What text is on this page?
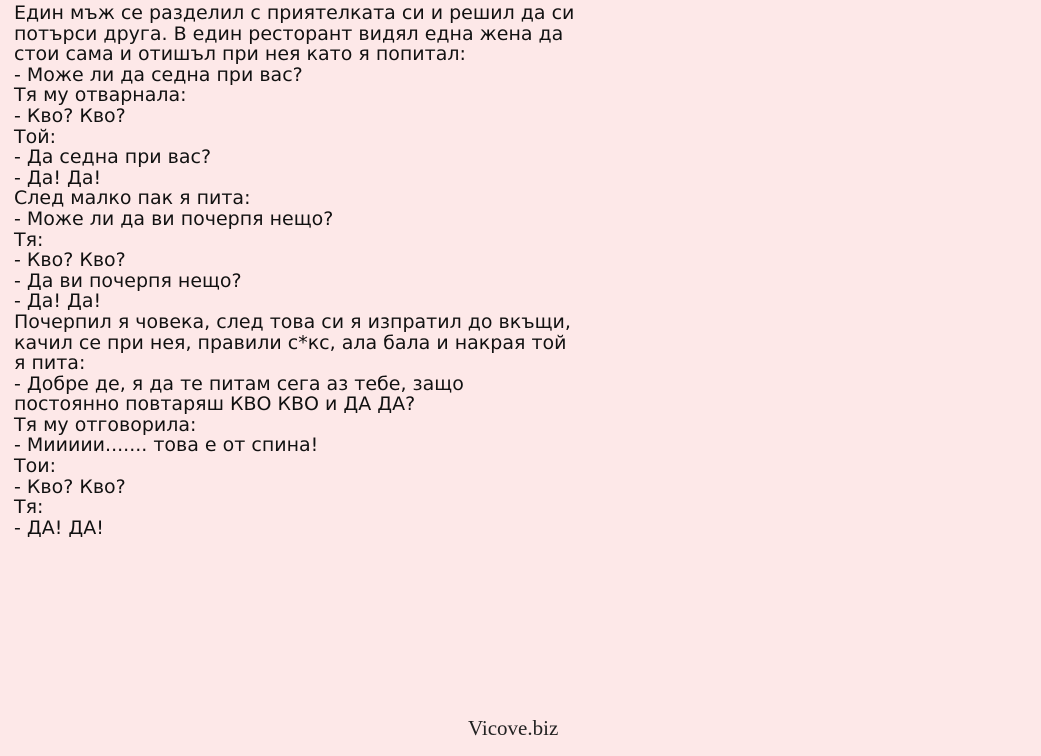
Един мъж се разделил с приятелката си и решил да си
потърси друга. В един ресторант видял една жена да
стои сама и отишъл при нея като я попитал:
- Може ли да седна при вас?
Тя му отварнала:
- Кво? Кво?
Той:
- Да седна при вас?
- Да! Да!
След малко пак я пита:
- Може ли да ви почерпя нещо?
Тя:
- Кво? Кво?
- Да ви почерпя нещо?
- Да! Да!
Почерпил я човека, след това си я изпратил до вкъщи,
качил се при нея, правили с*кс, ала бала и накрая той
я пита:
- Добре де, я да те питам сега аз тебе, защо
постоянно повтаряш КВО КВО и ДА ДА?
Тя му отговорила:
- Миииии....... това е от спина!
Тои:
- Кво? Кво?
Тя:
- ДА! ДА!
Vicove.biz
